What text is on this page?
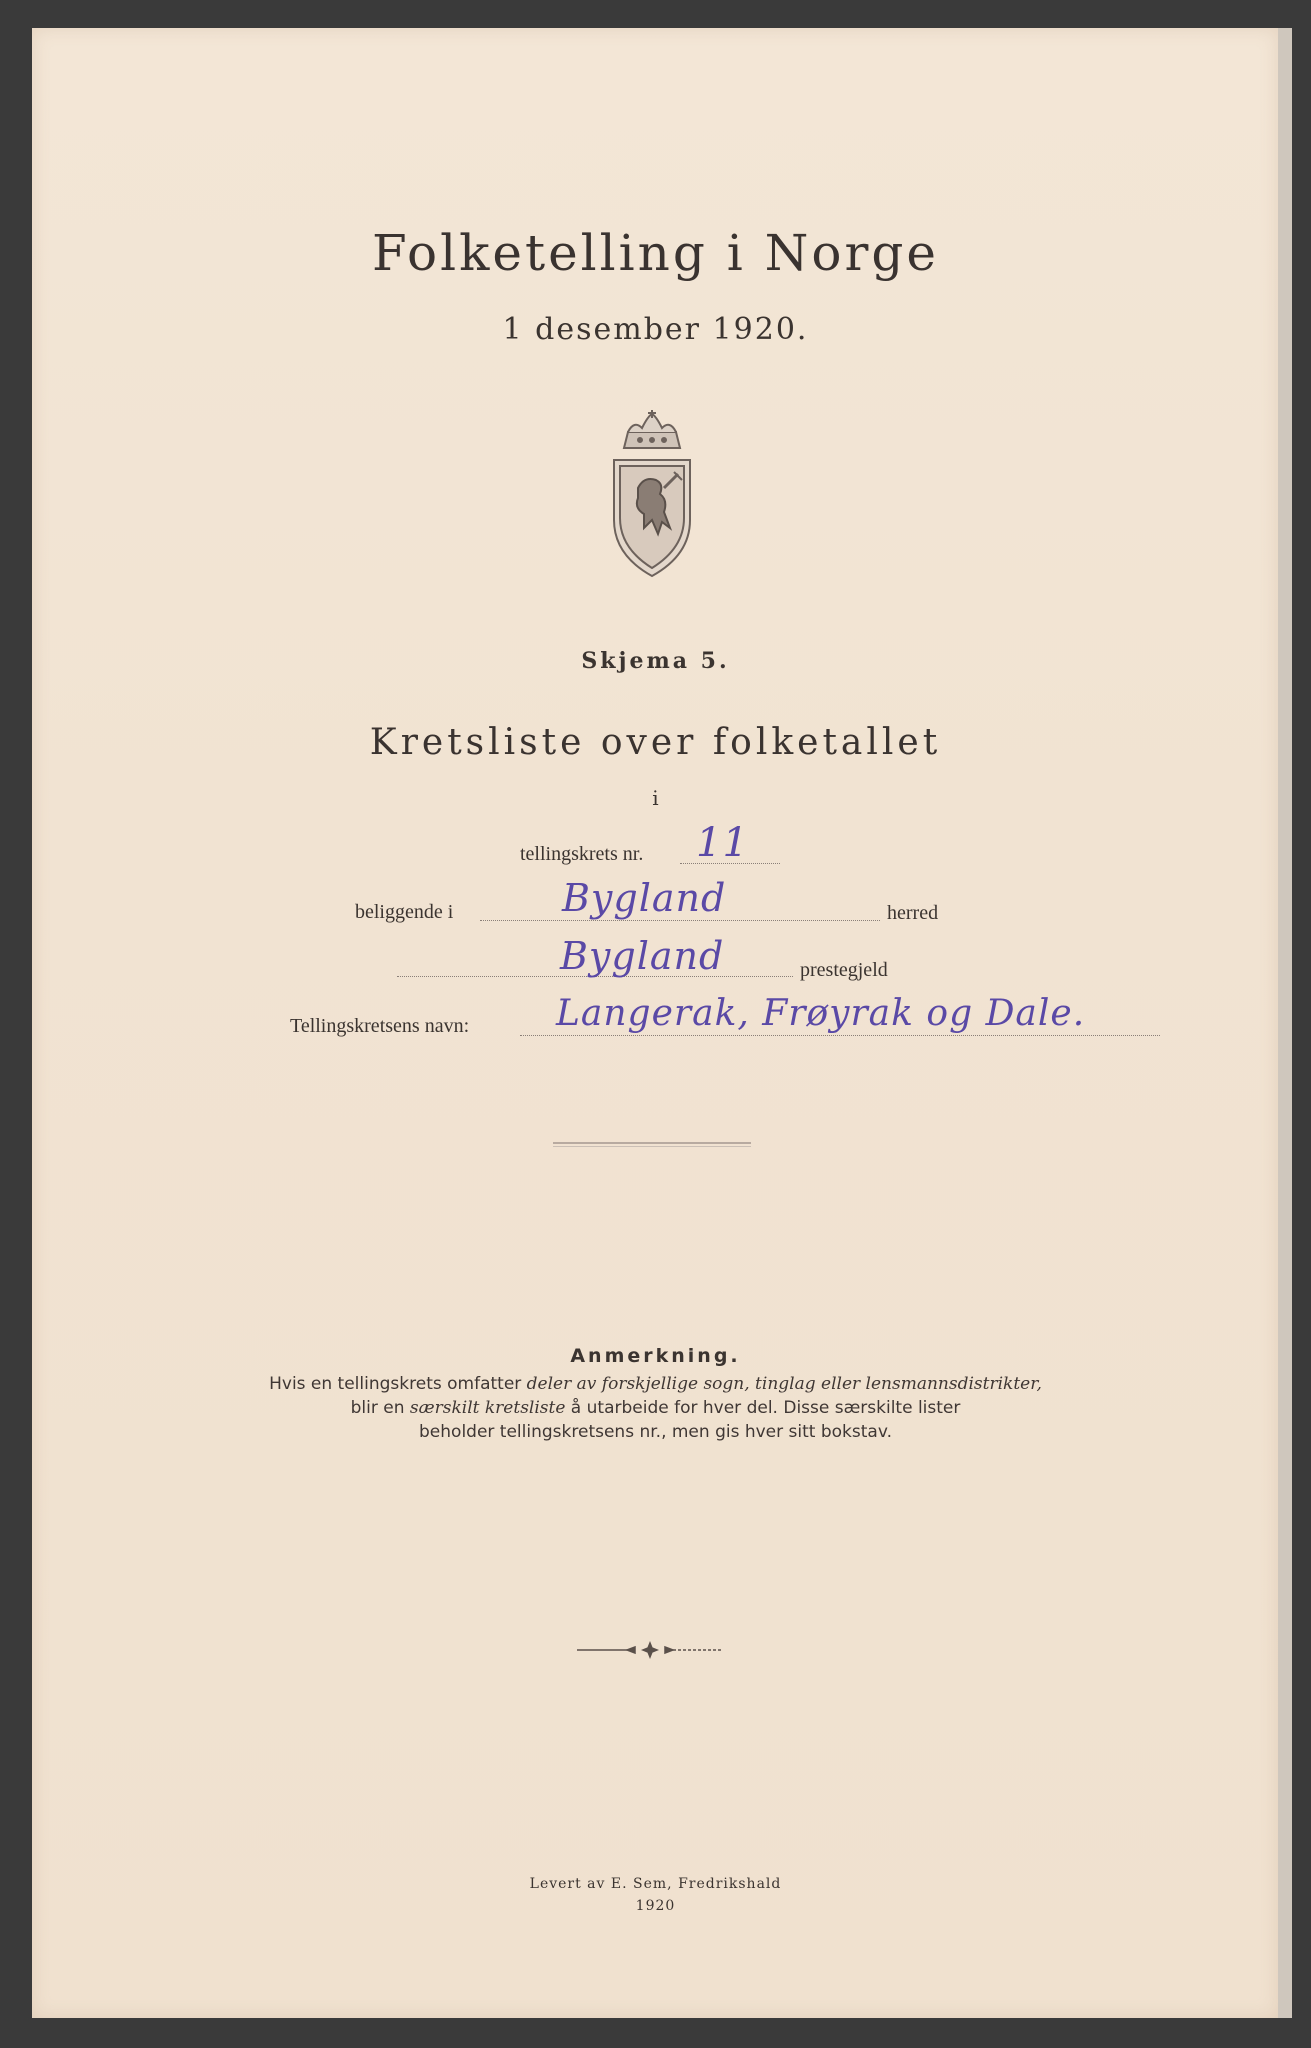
Folketelling i Norge
1 desember 1920.
Skjema 5.
Kretsliste over folketallet
i
tellingskrets nr. 11
beliggende i	Bygland	herred
Bygland	prestegjeld
Tellingskretsens navn: Langerak, Frøyrak og Dale.
Anmerkning.
Hvis en tellingskrets omfatter deler av forskjellige sogn, tinglag eller lensmannsdistrikter,
blir en særskilt kretsliste å utarbeide for hver del. Disse særskilte lister
beholder tellingskretsens nr., men gis hver sitt bokstav.
Levert av E. Sem, Fredrikshald
1920
